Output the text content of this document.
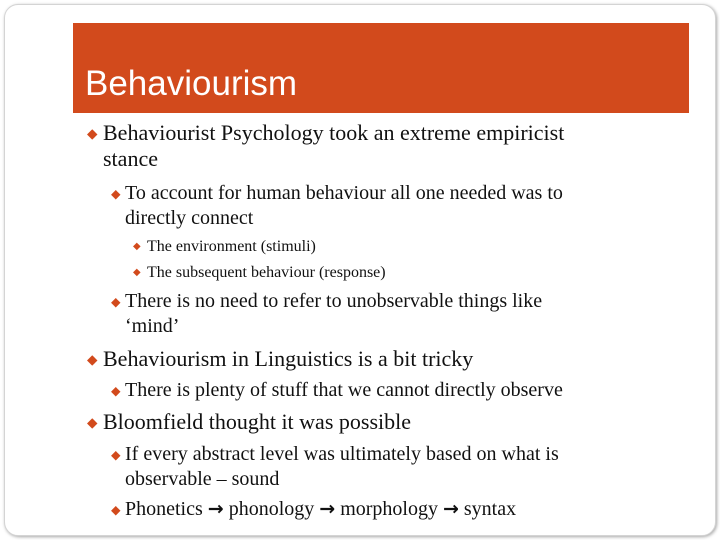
Behaviourism
◆ Behaviourist Psychology took an extreme empiricist
stance
◆ To account for human behaviour all one needed was to
directly connect
◆ The environment (stimuli)
◆ The subsequent behaviour (response)
◆ There is no need to refer to unobservable things like
‘mind’
◆ Behaviourism in Linguistics is a bit tricky
◆ There is plenty of stuff that we cannot directly observe
◆ Bloomfield thought it was possible
◆ If every abstract level was ultimately based on what is
observable – sound
◆ Phonetics → phonology → morphology → syntax
